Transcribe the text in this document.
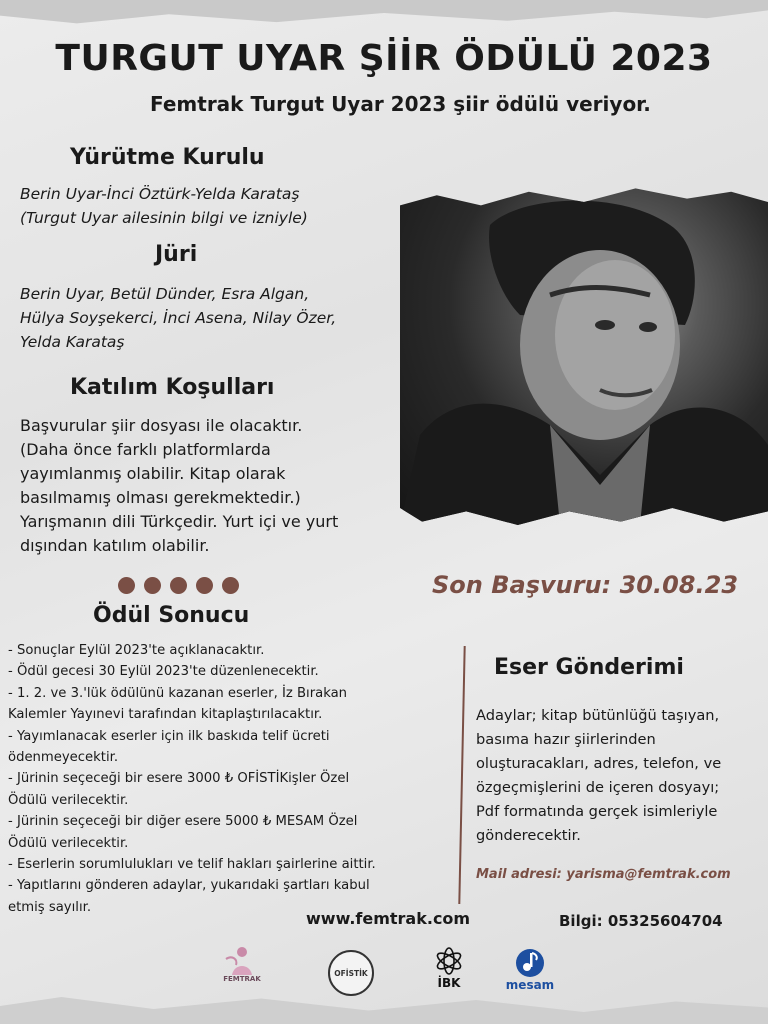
TURGUT UYAR ŞİİR ÖDÜLÜ 2023
Femtrak Turgut Uyar 2023 şiir ödülü veriyor.
Yürütme Kurulu
Berin Uyar-İnci Öztürk-Yelda Karataş
(Turgut Uyar ailesinin bilgi ve izniyle)
Jüri
Berin Uyar, Betül Dünder, Esra Algan,
Hülya Soyşekerci, İnci Asena, Nilay Özer,
Yelda Karataş
Katılım Koşulları
Başvurular şiir dosyası ile olacaktır.
(Daha önce farklı platformlarda
yayımlanmış olabilir. Kitap olarak
basılmamış olması gerekmektedir.)
Yarışmanın dili Türkçedir. Yurt içi ve yurt
dışından katılım olabilir.
Son Başvuru: 30.08.23
Ödül Sonucu
- Sonuçlar Eylül 2023'te açıklanacaktır.
- Ödül gecesi 30 Eylül 2023'te düzenlenecektir.
- 1. 2. ve 3.'lük ödülünü kazanan eserler, İz Bırakan
Kalemler Yayınevi tarafından kitaplaştırılacaktır.
- Yayımlanacak eserler için ilk baskıda telif ücreti
ödenmeyecektir.
- Jürinin seçeceği bir esere 3000 ₺ OFİSTİKişler Özel
Ödülü verilecektir.
- Jürinin seçeceği bir diğer esere 5000 ₺ MESAM Özel
Ödülü verilecektir.
- Eserlerin sorumlulukları ve telif hakları şairlerine aittir.
- Yapıtlarını gönderen adaylar, yukarıdaki şartları kabul
etmiş sayılır.
Eser Gönderimi
Adaylar; kitap bütünlüğü taşıyan,
basıma hazır şiirlerinden
oluşturacakları, adres, telefon, ve
özgeçmişlerini de içeren dosyayı;
Pdf formatında gerçek isimleriyle
gönderecektir.
Mail adresi: yarisma@femtrak.com
www.femtrak.com	Bilgi: 05325604704
FEMTRAK
OFİSTİK
İBK	mesam
